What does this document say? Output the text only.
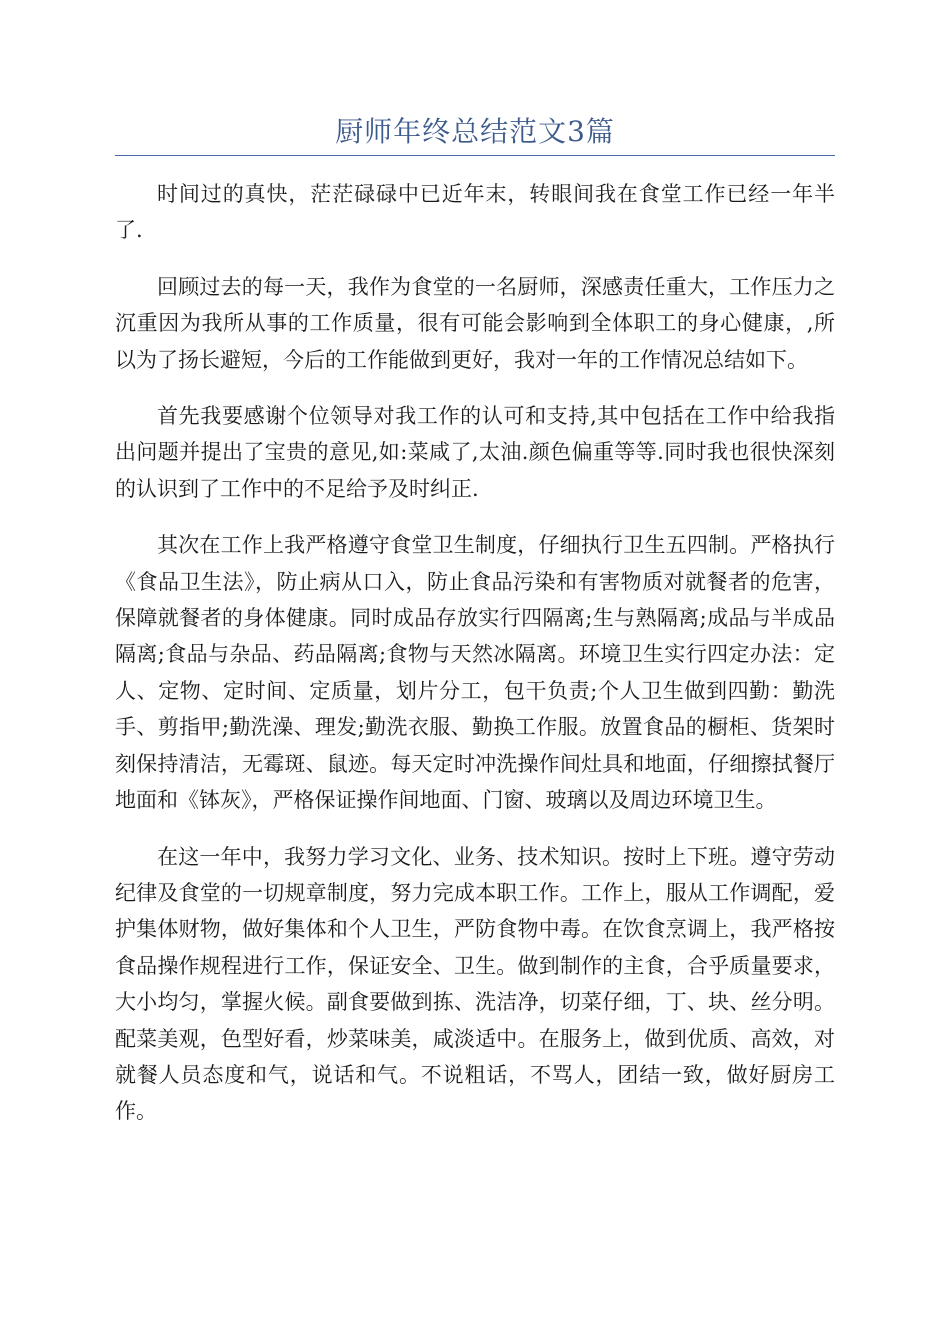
厨师年终总结范文3篇

时间过的真快，茫茫碌碌中已近年末，转眼间我在食堂工作已经一年半了.

回顾过去的每一天，我作为食堂的一名厨师，深感责任重大，工作压力之沉重因为我所从事的工作质量，很有可能会影响到全体职工的身心健康，,所以为了扬长避短，今后的工作能做到更好，我对一年的工作情况总结如下。

首先我要感谢个位领导对我工作的认可和支持,其中包括在工作中给我指出问题并提出了宝贵的意见,如:菜咸了,太油.颜色偏重等等.同时我也很快深刻的认识到了工作中的不足给予及时纠正.

其次在工作上我严格遵守食堂卫生制度，仔细执行卫生五四制。严格执行《食品卫生法》，防止病从口入，防止食品污染和有害物质对就餐者的危害，保障就餐者的身体健康。同时成品存放实行四隔离;生与熟隔离;成品与半成品隔离;食品与杂品、药品隔离;食物与天然冰隔离。环境卫生实行四定办法：定人、定物、定时间、定质量，划片分工，包干负责;个人卫生做到四勤：勤洗手、剪指甲;勤洗澡、理发;勤洗衣服、勤换工作服。放置食品的橱柜、货架时刻保持清洁，无霉斑、鼠迹。每天定时冲洗操作间灶具和地面，仔细擦拭餐厅地面和《钵灰》，严格保证操作间地面、门窗、玻璃以及周边环境卫生。

在这一年中，我努力学习文化、业务、技术知识。按时上下班。遵守劳动纪律及食堂的一切规章制度，努力完成本职工作。工作上，服从工作调配，爱护集体财物，做好集体和个人卫生，严防食物中毒。在饮食烹调上，我严格按食品操作规程进行工作，保证安全、卫生。做到制作的主食，合乎质量要求，大小均匀，掌握火候。副食要做到拣、洗洁净，切菜仔细，丁、块、丝分明。配菜美观，色型好看，炒菜味美，咸淡适中。在服务上，做到优质、高效，对就餐人员态度和气，说话和气。不说粗话，不骂人，团结一致，做好厨房工作。
